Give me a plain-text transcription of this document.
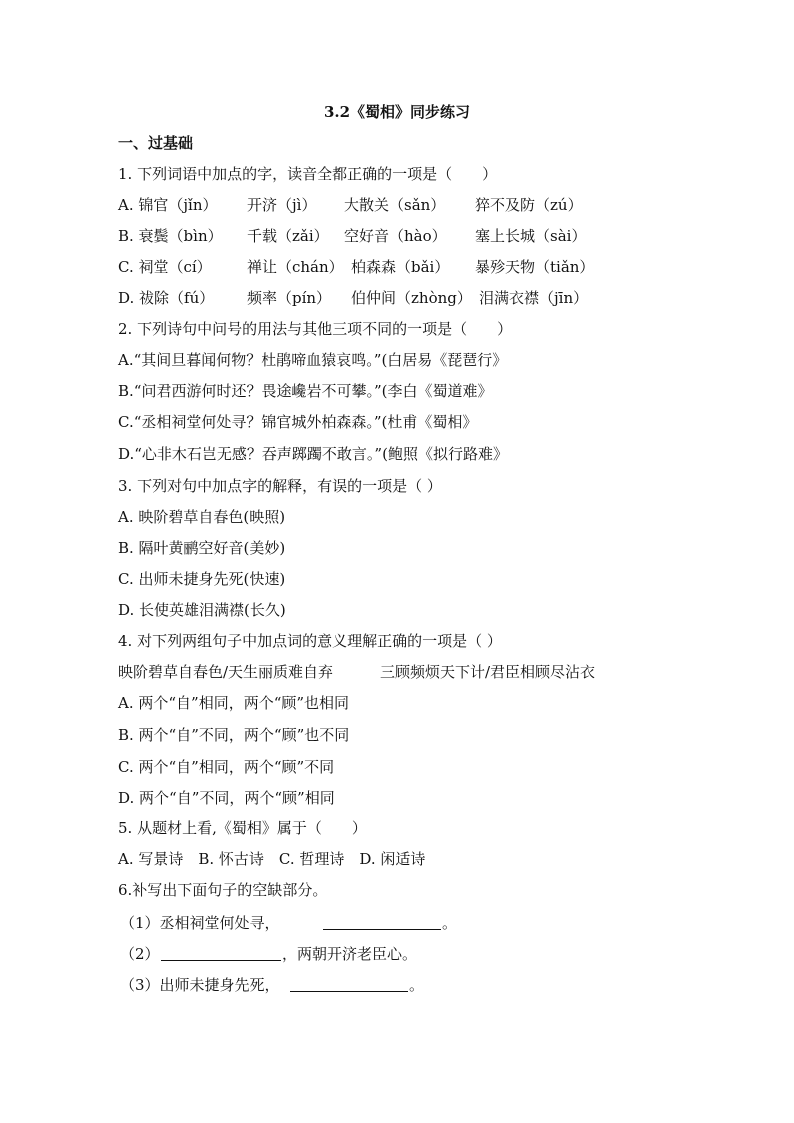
3.2《蜀相》同步练习
一、过基础
1. 下列词语中加点的字，读音全都正确的一项是（　　）
A. 锦官（jǐn） 开济（jì） 大散关（sǎn） 猝不及防（zú）
B. 衰鬓（bìn） 千载（zǎi） 空好音（hào） 塞上长城（sài）
C. 祠堂（cí） 禅让（chán） 柏森森（bǎi） 暴殄天物（tiǎn）
D. 祓除（fú） 频率（pín） 伯仲间（zhòng） 泪满衣襟（jīn）
2. 下列诗句中问号的用法与其他三项不同的一项是（　　）
A.“其间旦暮闻何物？杜鹃啼血猿哀鸣。”(白居易《琵琶行》
B.“问君西游何时还？畏途巉岩不可攀。”(李白《蜀道难》
C.“丞相祠堂何处寻？锦官城外柏森森。”(杜甫《蜀相》
D.“心非木石岂无感？吞声踯躅不敢言。”(鲍照《拟行路难》
3. 下列对句中加点字的解释，有误的一项是（ ）
A. 映阶碧草自春色(映照)
B. 隔叶黄鹂空好音(美妙)
C. 出师未捷身先死(快速)
D. 长使英雄泪满襟(长久)
4. 对下列两组句子中加点词的意义理解正确的一项是（ ）
映阶碧草自春色/天生丽质难自弃	三顾频烦天下计/君臣相顾尽沾衣
A. 两个“自”相同，两个“顾”也相同
B. 两个“自”不同，两个“顾”也不同
C. 两个“自”相同，两个“顾”不同
D. 两个“自”不同，两个“顾”相同
5. 从题材上看,《蜀相》属于（　　）
A. 写景诗　B. 怀古诗　C. 哲理诗　D. 闲适诗
6.补写出下面句子的空缺部分。
（1）丞相祠堂何处寻，	。
（2）	，两朝开济老臣心。
（3）出师未捷身先死，	。
